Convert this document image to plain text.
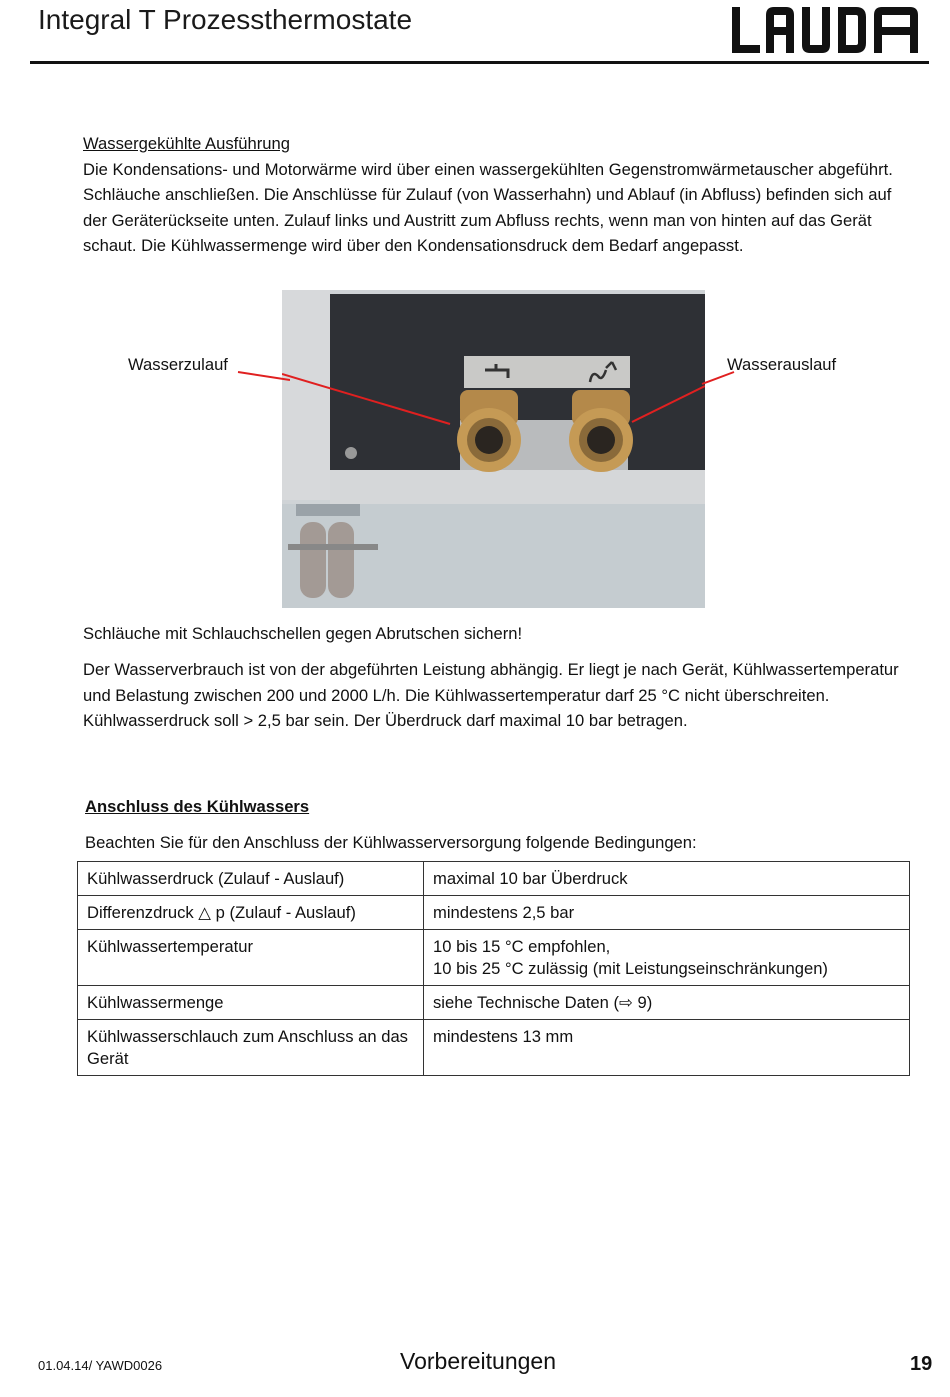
Integral T Prozessthermostate
Wassergekühlte Ausführung
Die Kondensations- und Motorwärme wird über einen wassergekühlten Gegenstromwärmetauscher abgeführt. Schläuche anschließen. Die Anschlüsse für Zulauf (von Wasserhahn) und Ablauf (in Abfluss) befinden sich auf der Geräterückseite unten. Zulauf links und Austritt zum Abfluss rechts, wenn man von hinten auf das Gerät schaut. Die Kühlwassermenge wird über den Kondensationsdruck dem Bedarf angepasst.
Wasserzulauf	Wasserauslauf
Schläuche mit Schlauchschellen gegen Abrutschen sichern!
Der Wasserverbrauch ist von der abgeführten Leistung abhängig. Er liegt je nach Gerät, Kühlwassertemperatur und Belastung zwischen 200 und 2000 L/h. Die Kühlwassertemperatur darf 25 °C nicht überschreiten. Kühlwasserdruck soll > 2,5 bar sein. Der Überdruck darf maximal 10 bar betragen.
Anschluss des Kühlwassers
Beachten Sie für den Anschluss der Kühlwasserversorgung folgende Bedingungen:
Kühlwasserdruck (Zulauf - Auslauf)	maximal 10 bar Überdruck
Differenzdruck △ p (Zulauf - Auslauf)	mindestens 2,5 bar
Kühlwassertemperatur	10 bis 15 °C empfohlen,
10 bis 25 °C zulässig (mit Leistungseinschränkungen)

Kühlwassermenge	siehe Technische Daten (⇨ 9)
Kühlwasserschlauch zum Anschluss an das Gerät	mindestens 13 mm
01.04.14/ YAWD0026	Vorbereitungen	19
